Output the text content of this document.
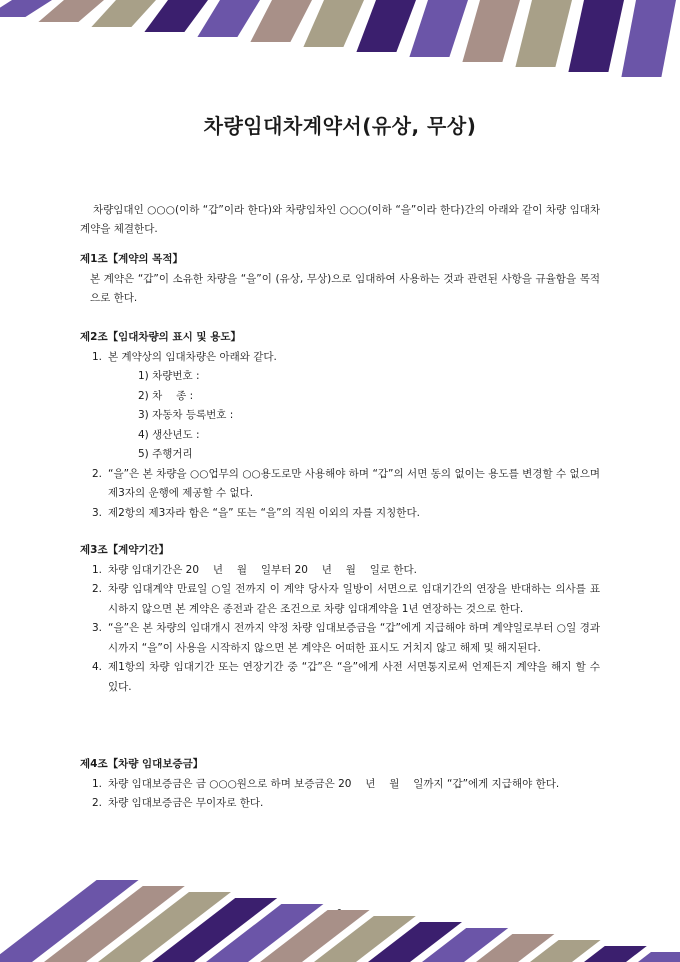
차량임대차계약서(유상, 무상)

차량임대인 ○○○(이하 “갑”이라 한다)와 차량임차인 ○○○(이하 “을”이라 한다)간의 아래와 같이 차량 임대차계약을 체결한다.

제1조【계약의 목적】
본 계약은 “갑”이 소유한 차량을 “을”이 (유상, 무상)으로 임대하여 사용하는 것과 관련된 사항을 규율함을 목적으로 한다.
제2조【임대차량의 표시 및 용도】
1. 본 계약상의 임대차량은 아래와 같다.
1) 차량번호 :
2) 차　 종 :
3) 자동차 등록번호 :
4) 생산년도 :
5) 주행거리
2. “을”은 본 차량을 ○○업무의 ○○용도로만 사용해야 하며 “갑”의 서면 동의 없이는 용도를 변경할 수 없으며 제3자의 운행에 제공할 수 없다.
3. 제2항의 제3자라 함은 “을” 또는 “을”의 직원 이외의 자를 지칭한다.
제3조【계약기간】
1. 차량 임대기간은 20　 년　 월　 일부터 20　 년　 월　 일로 한다.
2. 차량 임대계약 만료일 ○일 전까지 이 계약 당사자 일방이 서면으로 임대기간의 연장을 반대하는 의사를 표시하지 않으면 본 계약은 종전과 같은 조건으로 차량 임대계약을 1년 연장하는 것으로 한다.
3. “을”은 본 차량의 임대개시 전까지 약정 차량 임대보증금을 “갑”에게 지급해야 하며 계약일로부터 ○일 경과 시까지 “을”이 사용을 시작하지 않으면 본 계약은 어떠한 표시도 거치지 않고 해제 및 해지된다.
4. 제1항의 차량 임대기간 또는 연장기간 중 “갑”은 “을”에게 사전 서면통지로써 언제든지 계약을 해지 할 수 있다.
제4조【차량 임대보증금】
1. 차량 임대보증금은 금 ○○○원으로 하며 보증금은 20　 년　 월　 일까지 “갑”에게 지급해야 한다.
2. 차량 임대보증금은 무이자로 한다.
